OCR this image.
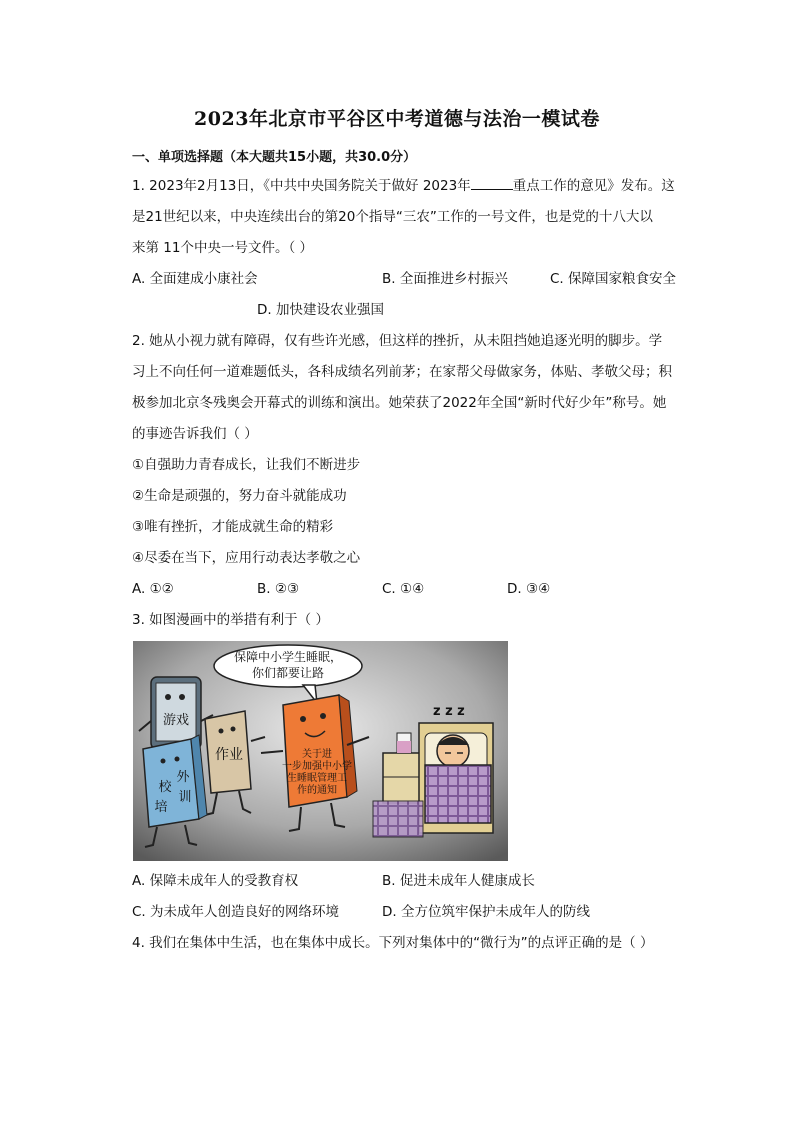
2023年北京市平谷区中考道德与法治一模试卷
一、单项选择题（本大题共15小题，共30.0分）
1. 2023年2月13日，《中共中央国务院关于做好 2023年	重点工作的意见》发布。这
是21世纪以来，中央连续出台的第20个指导“三农”工作的一号文件，也是党的十八大以
来第 11个中央一号文件。（ ）
A. 全面建成小康社会	B. 全面推进乡村振兴	C. 保障国家粮食安全
D. 加快建设农业强国
2. 她从小视力就有障碍，仅有些许光感，但这样的挫折，从未阻挡她追逐光明的脚步。学
习上不向任何一道难题低头，各科成绩名列前茅；在家帮父母做家务，体贴、孝敬父母；积
极参加北京冬残奥会开幕式的训练和演出。她荣获了2022年全国“新时代好少年”称号。她
的事迹告诉我们（ ）
①自强助力青春成长，让我们不断进步
②生命是顽强的，努力奋斗就能成功
③唯有挫折，才能成就生命的精彩
④尽委在当下，应用行动表达孝敬之心
A. ①②	B. ②③	C. ①④	D. ③④
3. 如图漫画中的举措有利于（ ）
保障中小学生睡眠，
你们都要让路
游戏
作业
校
培
外
训
关于进
一步加强中小学
生睡眠管理工
作的通知
z z z
A. 保障未成年人的受教育权	B. 促进未成年人健康成长
C. 为未成年人创造良好的网络环境	D. 全方位筑牢保护未成年人的防线
4. 我们在集体中生活，也在集体中成长。下列对集体中的“微行为”的点评正确的是（ ）
